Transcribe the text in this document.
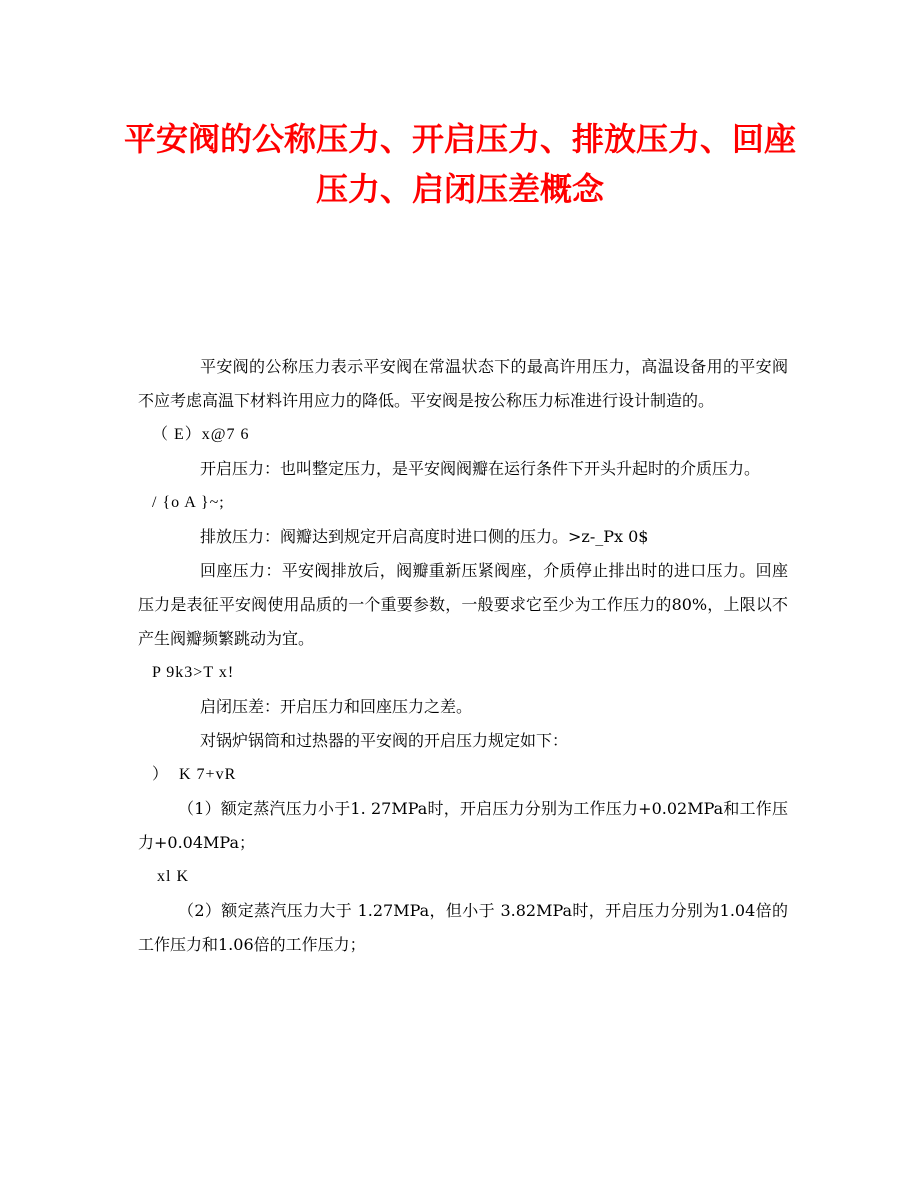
平安阀的公称压力、开启压力、排放压力、回座压力、启闭压差概念

平安阀的公称压力表示平安阀在常温状态下的最高许用压力，高温设备用的平安阀不应考虑高温下材料许用应力的降低。平安阀是按公称压力标准进行设计制造的。

（ E）x@7 6

开启压力：也叫整定压力，是平安阀阀瓣在运行条件下开头升起时的介质压力。

/ {o A }~;

排放压力：阀瓣达到规定开启高度时进口侧的压力。>z-_Px 0$

回座压力：平安阀排放后，阀瓣重新压紧阀座，介质停止排出时的进口压力。回座压力是表征平安阀使用品质的一个重要参数，一般要求它至少为工作压力的80%，上限以不产生阀瓣频繁跳动为宜。

P 9k3>T x!

启闭压差：开启压力和回座压力之差。

对锅炉锅筒和过热器的平安阀的开启压力规定如下：

）  K 7+vR

（1）额定蒸汽压力小于1. 27MPa时，开启压力分别为工作压力+0.02MPa和工作压力+0.04MPa；

xl K

（2）额定蒸汽压力大于 1.27MPa，但小于 3.82MPa时，开启压力分别为1.04倍的工作压力和1.06倍的工作压力；
